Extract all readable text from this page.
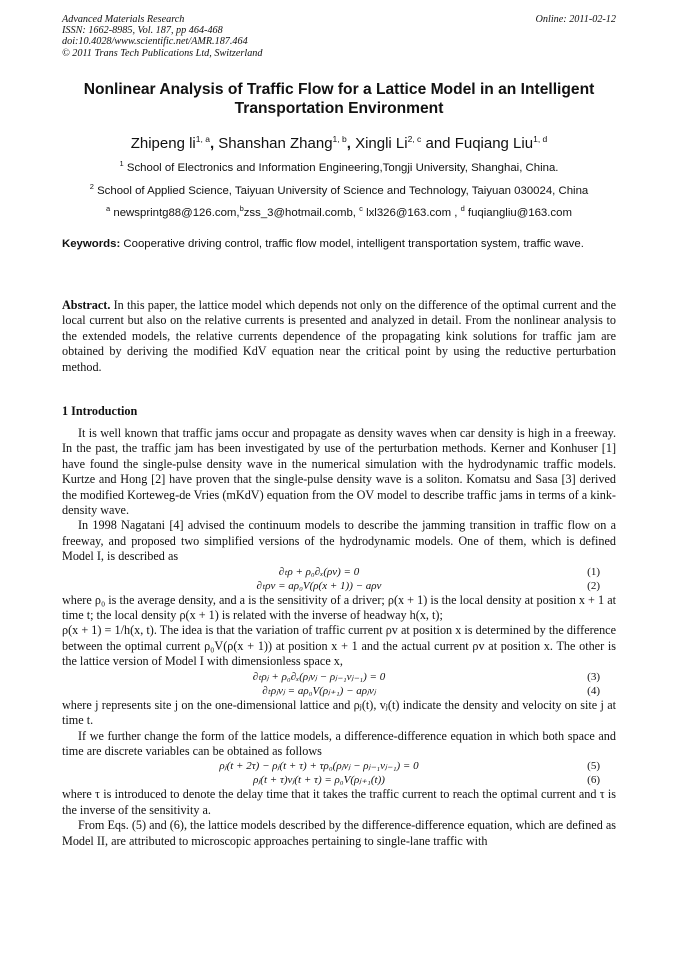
Advanced Materials Research
ISSN: 1662-8985, Vol. 187, pp 464-468
doi:10.4028/www.scientific.net/AMR.187.464
© 2011 Trans Tech Publications Ltd, Switzerland
Online: 2011-02-12
Nonlinear Analysis of Traffic Flow for a Lattice Model in an Intelligent
Transportation Environment
Zhipeng li$^{1, a}$, Shanshan Zhang$^{1, b}$, Xingli Li$^{2, c}$ and Fuqiang Liu$^{1, d}$
$^1$ School of Electronics and Information Engineering,Tongji University, Shanghai, China.
$^2$ School of Applied Science, Taiyuan University of Science and Technology, Taiyuan 030024, China
$^a$ newsprintg88@126.com,$^b$zss_3@hotmail.comb, $^c$ lxl326@163.com , $^d$ fuqiangliu@163.com
Keywords: Cooperative driving control, traffic flow model, intelligent transportation system, traffic wave.

Abstract. In this paper, the lattice model which depends not only on the difference of the optimal current and the local current but also on the relative currents is presented and analyzed in detail. From the nonlinear analysis to the extended models, the relative currents dependence of the propagating kink solutions for traffic jam are obtained by deriving the modified KdV equation near the critical point by using the reductive perturbation method.

1 Introduction

It is well known that traffic jams occur and propagate as density waves when car density is high in a freeway. In the past, the traffic jam has been investigated by use of the perturbation methods. Kerner and Konhuser [1] have found the single-pulse density wave in the numerical simulation with the hydrodynamic traffic models. Kurtze and Hong [2] have proven that the single-pulse density wave is a soliton. Komatsu and Sasa [3] derived the modified Korteweg-de Vries (mKdV) equation from the OV model to describe traffic jams in terms of a kink-density wave.

In 1998 Nagatani [4] advised the continuum models to describe the jamming transition in traffic flow on a freeway, and proposed two simplified versions of the hydrodynamic models. One of them, which is defined Model I, is described as

∂ₜρ + ρ₀∂ₓ(ρv) = 0	(1)
∂ₜρv = aρ₀V(ρ(x + 1)) − aρv	(2)

where ρ₀ is the average density, and a is the sensitivity of a driver; ρ(x + 1) is the local density at position x + 1 at time t; the local density ρ(x + 1) is related with the inverse of headway h(x, t);

ρ(x + 1) = 1/h(x, t). The idea is that the variation of traffic current ρv at position x is determined by the difference between the optimal current ρ₀V(ρ(x + 1)) at position x + 1 and the actual current ρv at position x. The other is the lattice version of Model I with dimensionless space x,

∂ₜρⱼ + ρ₀∂ₓ(ρⱼvⱼ − ρⱼ₋₁vⱼ₋₁) = 0	(3)
∂ₜρⱼvⱼ = aρ₀V(ρⱼ₊₁) − aρⱼvⱼ	(4)

where j represents site j on the one-dimensional lattice and ρⱼ(t), vⱼ(t) indicate the density and velocity on site j at time t.

If we further change the form of the lattice models, a difference-difference equation in which both space and time are discrete variables can be obtained as follows

ρⱼ(t + 2τ) − ρⱼ(t + τ) + τρ₀(ρⱼvⱼ − ρⱼ₋₁vⱼ₋₁) = 0	(5)
ρⱼ(t + τ)vⱼ(t + τ) = ρ₀V(ρⱼ₊₁(t))	(6)

where τ is introduced to denote the delay time that it takes the traffic current to reach the optimal current and τ is the inverse of the sensitivity a.

From Eqs. (5) and (6), the lattice models described by the difference-difference equation, which are defined as Model II, are attributed to microscopic approaches pertaining to single-lane traffic with
